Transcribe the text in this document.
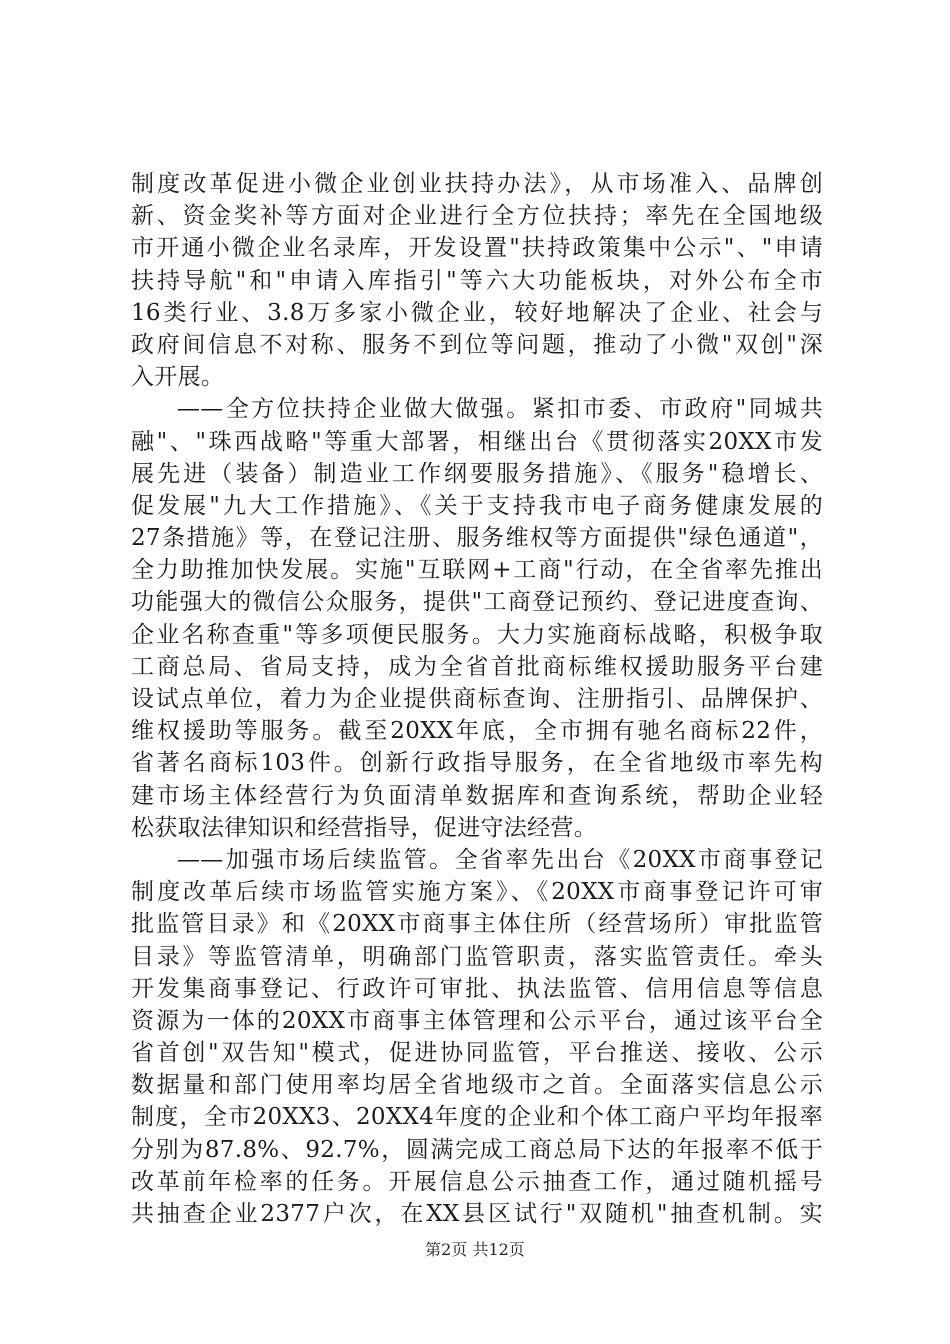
制度改革促进小微企业创业扶持办法》，从市场准入、品牌创
新、资金奖补等方面对企业进行全方位扶持；率先在全国地级
市开通小微企业名录库，开发设置"扶持政策集中公示"、"申请
扶持导航"和"申请入库指引"等六大功能板块，对外公布全市
16类行业、3.8万多家小微企业，较好地解决了企业、社会与
政府间信息不对称、服务不到位等问题，推动了小微"双创"深
入开展。
——全方位扶持企业做大做强。紧扣市委、市政府"同城共
融"、"珠西战略"等重大部署，相继出台《贯彻落实20XX市发
展先进（装备）制造业工作纲要服务措施》、《服务"稳增长、
促发展"九大工作措施》、《关于支持我市电子商务健康发展的
27条措施》等，在登记注册、服务维权等方面提供"绿色通道"，
全力助推加快发展。实施"互联网+工商"行动，在全省率先推出
功能强大的微信公众服务，提供"工商登记预约、登记进度查询、
企业名称查重"等多项便民服务。大力实施商标战略，积极争取
工商总局、省局支持，成为全省首批商标维权援助服务平台建
设试点单位，着力为企业提供商标查询、注册指引、品牌保护、
维权援助等服务。截至20XX年底，全市拥有驰名商标22件，
省著名商标103件。创新行政指导服务，在全省地级市率先构
建市场主体经营行为负面清单数据库和查询系统，帮助企业轻
松获取法律知识和经营指导，促进守法经营。
——加强市场后续监管。全省率先出台《20XX市商事登记
制度改革后续市场监管实施方案》、《20XX市商事登记许可审
批监管目录》和《20XX市商事主体住所（经营场所）审批监管
目录》等监管清单，明确部门监管职责，落实监管责任。牵头
开发集商事登记、行政许可审批、执法监管、信用信息等信息
资源为一体的20XX市商事主体管理和公示平台，通过该平台全
省首创"双告知"模式，促进协同监管，平台推送、接收、公示
数据量和部门使用率均居全省地级市之首。全面落实信息公示
制度，全市20XX3、20XX4年度的企业和个体工商户平均年报率
分别为87.8%、92.7%，圆满完成工商总局下达的年报率不低于
改革前年检率的任务。开展信息公示抽查工作，通过随机摇号
共抽查企业2377户次，在XX县区试行"双随机"抽查机制。实
第2页 共12页
